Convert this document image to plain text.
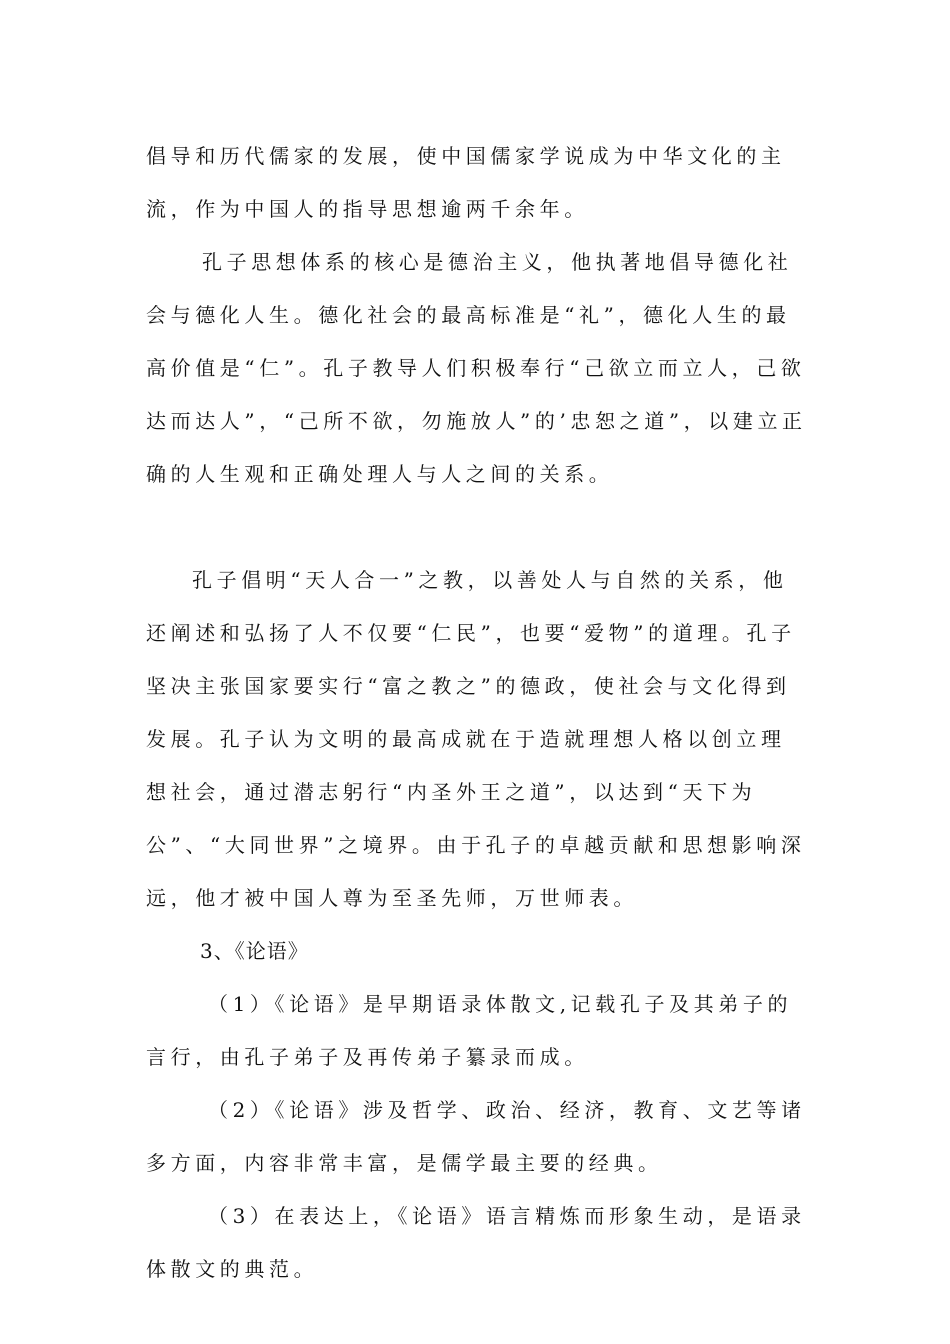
倡导和历代儒家的发展，使中国儒家学说成为中华文化的主流，作为中国人的指导思想逾两千余年。

孔子思想体系的核心是德治主义，他执著地倡导德化社会与德化人生。德化社会的最高标准是“礼”，德化人生的最高价值是“仁”。孔子教导人们积极奉行“己欲立而立人，己欲达而达人”，“己所不欲，勿施放人”的’忠恕之道”，以建立正确的人生观和正确处理人与人之间的关系。

孔子倡明“天人合一”之教，以善处人与自然的关系，他还阐述和弘扬了人不仅要“仁民”，也要“爱物”的道理。孔子坚决主张国家要实行“富之教之”的德政，使社会与文化得到发展。孔子认为文明的最高成就在于造就理想人格以创立理想社会，通过潜志躬行“内圣外王之道”，以达到“天下为公”、“大同世界”之境界。由于孔子的卓越贡献和思想影响深远，他才被中国人尊为至圣先师，万世师表。

3、《论语》

（1）《论语》是早期语录体散文,记载孔子及其弟子的言行，由孔子弟子及再传弟子纂录而成。

（2）《论语》涉及哲学、政治、经济，教育、文艺等诸多方面，内容非常丰富，是儒学最主要的经典。

（3）在表达上，《论语》语言精炼而形象生动，是语录体散文的典范。
